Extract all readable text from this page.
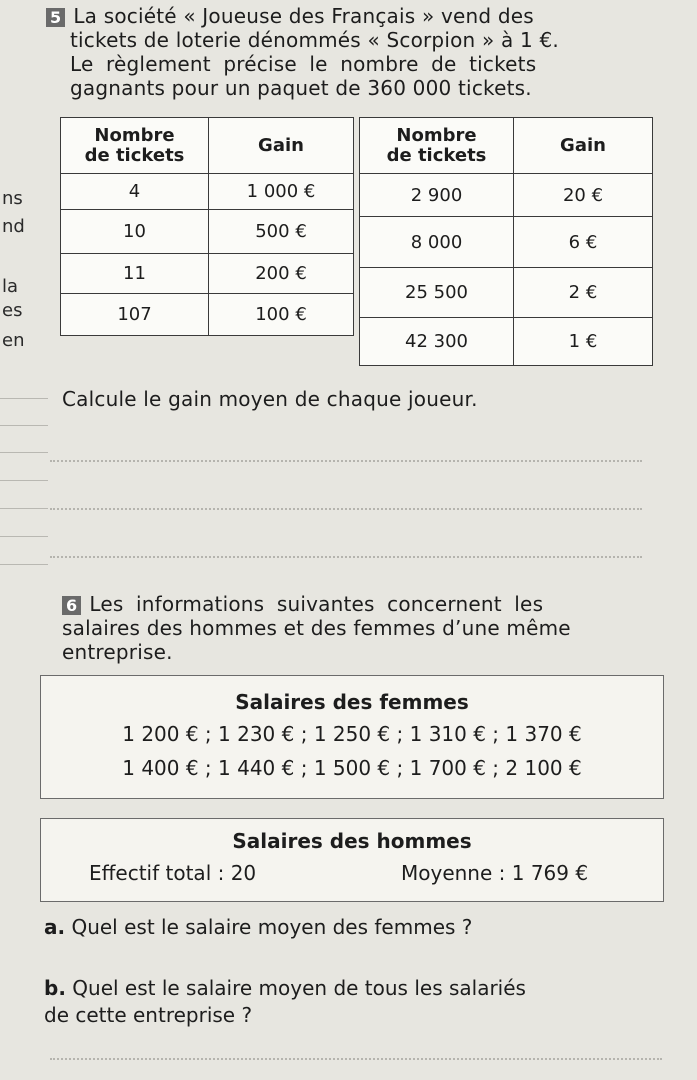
ns
nd
la
es
en
5 La société « Joueuse des Français » vend des
tickets de loterie dénommés « Scorpion » à 1 €.
Le règlement précise le nombre de tickets
gagnants pour un paquet de 360 000 tickets.
Nombre
de tickets	Gain
4	1 000 €
10	500 €
11	200 €
107	100 €
Nombre
de tickets	Gain
2 900	20 €
8 000	6 €
25 500	2 €
42 300	1 €
Calcule le gain moyen de chaque joueur.
6 Les informations suivantes concernent les
salaires des hommes et des femmes d’une même
entreprise.
Salaires des femmes
1 200 € ; 1 230 € ; 1 250 € ; 1 310 € ; 1 370 €
1 400 € ; 1 440 € ; 1 500 € ; 1 700 € ; 2 100 €
Salaires des hommes
Effectif total : 20	Moyenne : 1 769 €
a. Quel est le salaire moyen des femmes ?
b. Quel est le salaire moyen de tous les salariés
de cette entreprise ?
